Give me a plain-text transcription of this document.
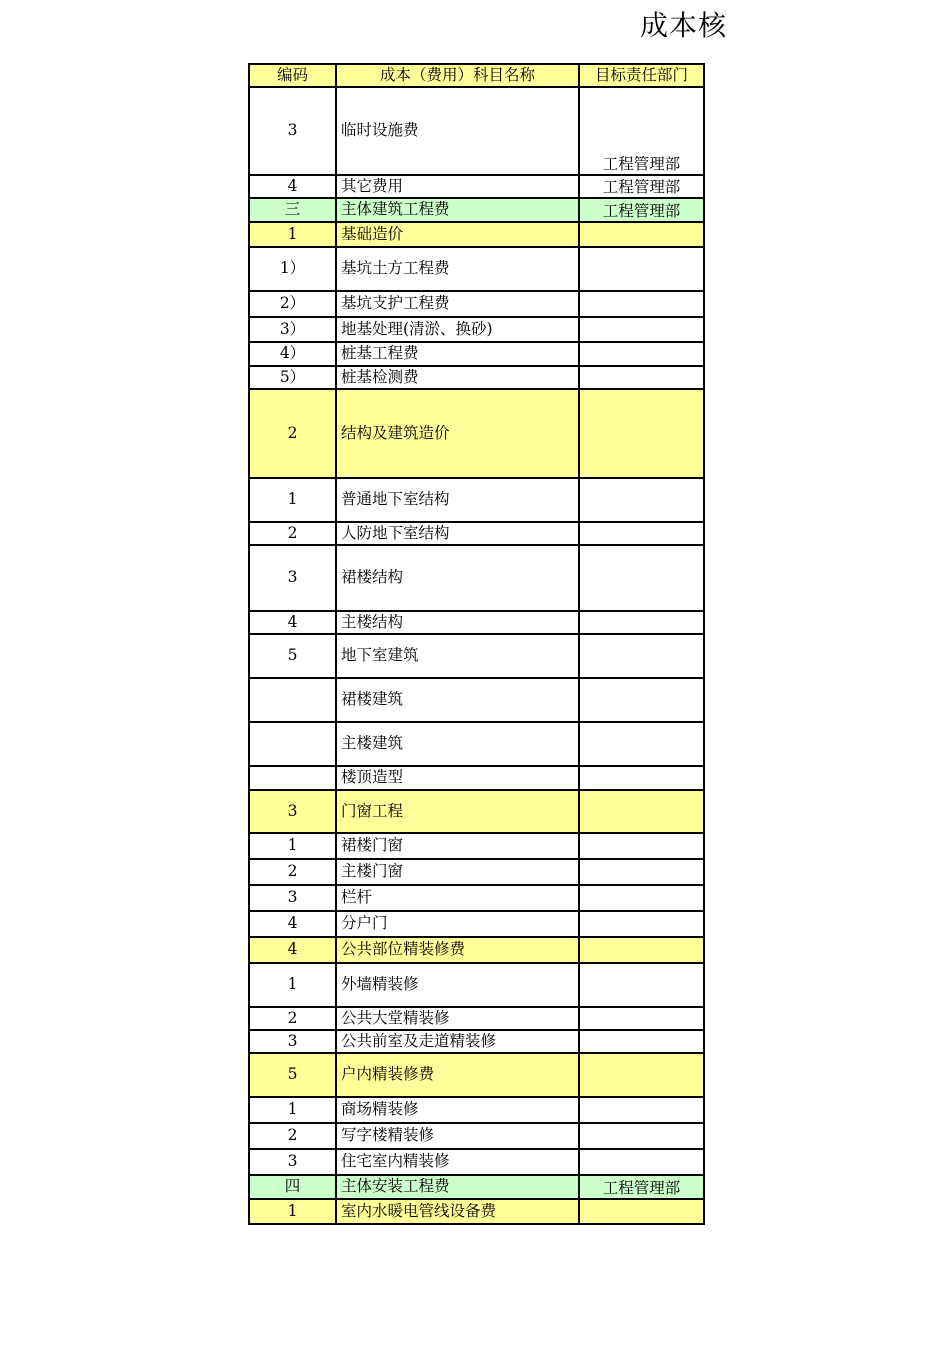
成本核
编码	成本（费用）科目名称	目标责任部门
3	临时设施费	工程管理部
4	其它费用	工程管理部
三	主体建筑工程费	工程管理部
1	基础造价	
1）	基坑土方工程费	
2）	基坑支护工程费	
3）	地基处理(清淤、换砂)	
4）	桩基工程费	
5）	桩基检测费	
2	结构及建筑造价	
1	普通地下室结构	
2	人防地下室结构	
3	裙楼结构	
4	主楼结构	
5	地下室建筑	
	裙楼建筑	
	主楼建筑	
	楼顶造型	
3	门窗工程	
1	裙楼门窗	
2	主楼门窗	
3	栏杆	
4	分户门	
4	公共部位精装修费	
1	外墙精装修	
2	公共大堂精装修	
3	公共前室及走道精装修	
5	户内精装修费	
1	商场精装修	
2	写字楼精装修	
3	住宅室内精装修	
四	主体安装工程费	工程管理部
1	室内水暖电管线设备费	
